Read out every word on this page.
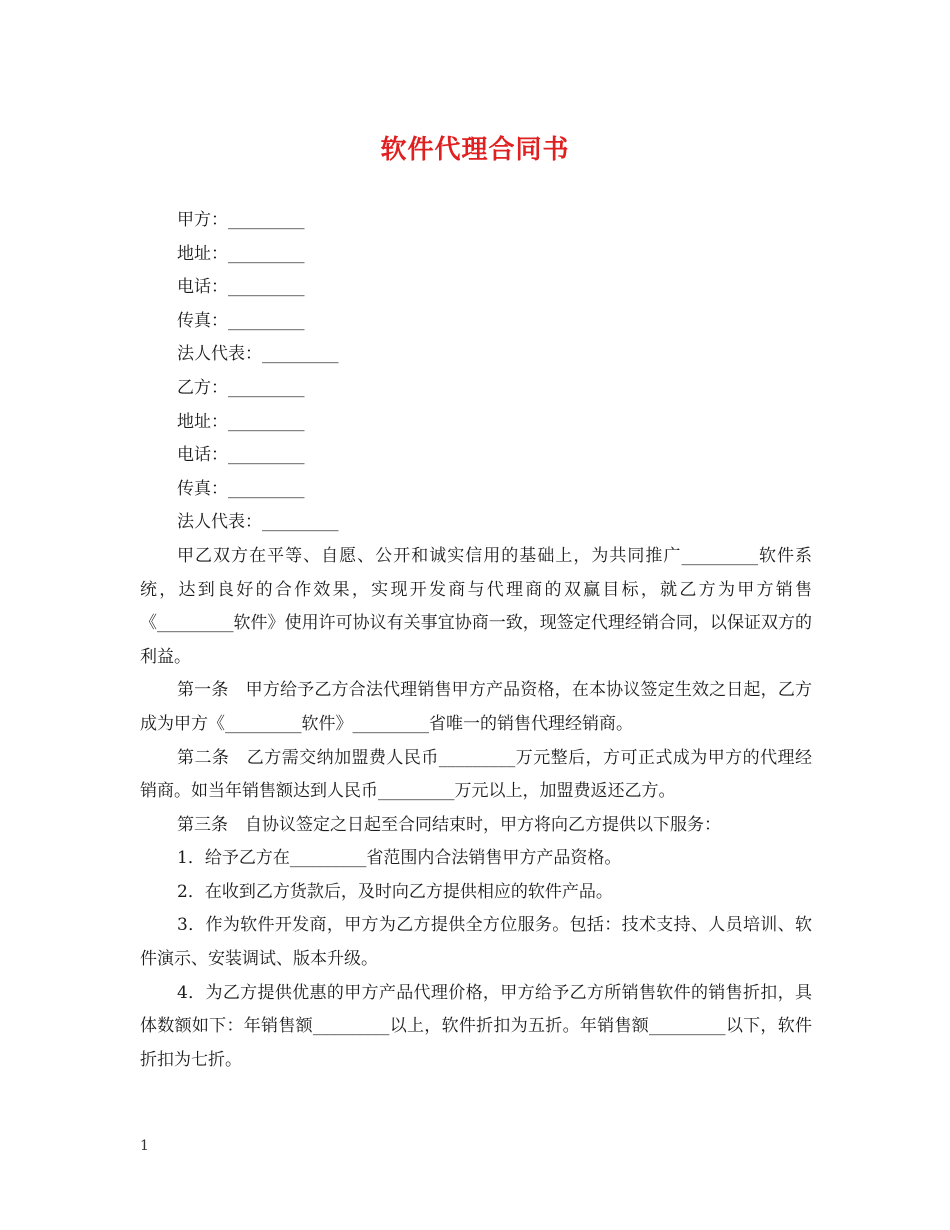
软件代理合同书
甲方：_________
地址：_________
电话：_________
传真：_________
法人代表：_________
乙方：_________
地址：_________
电话：_________
传真：_________
法人代表：_________

甲乙双方在平等、自愿、公开和诚实信用的基础上，为共同推广_________软件系统，达到良好的合作效果，实现开发商与代理商的双赢目标，就乙方为甲方销售《_________软件》使用许可协议有关事宜协商一致，现签定代理经销合同，以保证双方的利益。

第一条　甲方给予乙方合法代理销售甲方产品资格，在本协议签定生效之日起，乙方成为甲方《_________软件》_________省唯一的销售代理经销商。

第二条　乙方需交纳加盟费人民币_________万元整后，方可正式成为甲方的代理经销商。如当年销售额达到人民币_________万元以上，加盟费返还乙方。

第三条　自协议签定之日起至合同结束时，甲方将向乙方提供以下服务：

1．给予乙方在_________省范围内合法销售甲方产品资格。

2．在收到乙方货款后，及时向乙方提供相应的软件产品。

3．作为软件开发商，甲方为乙方提供全方位服务。包括：技术支持、人员培训、软件演示、安装调试、版本升级。

4．为乙方提供优惠的甲方产品代理价格，甲方给予乙方所销售软件的销售折扣，具体数额如下：年销售额_________以上，软件折扣为五折。年销售额_________以下，软件折扣为七折。

1
